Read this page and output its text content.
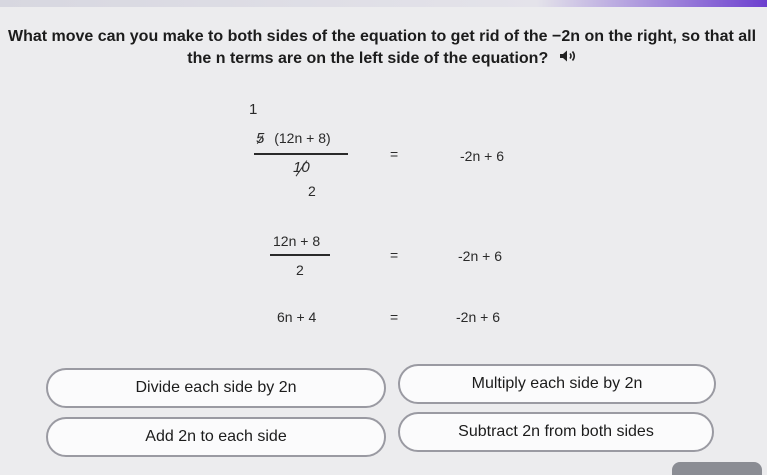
What move can you make to both sides of the equation to get rid of the −2n on the right, so that all the n terms are on the left side of the equation?
1
5 (12n + 8)
10
2
=	-2n + 6
12n + 8
2
=	-2n + 6
6n + 4	=	-2n + 6
Divide each side by 2n	Multiply each side by 2n
Add 2n to each side	Subtract 2n from both sides
